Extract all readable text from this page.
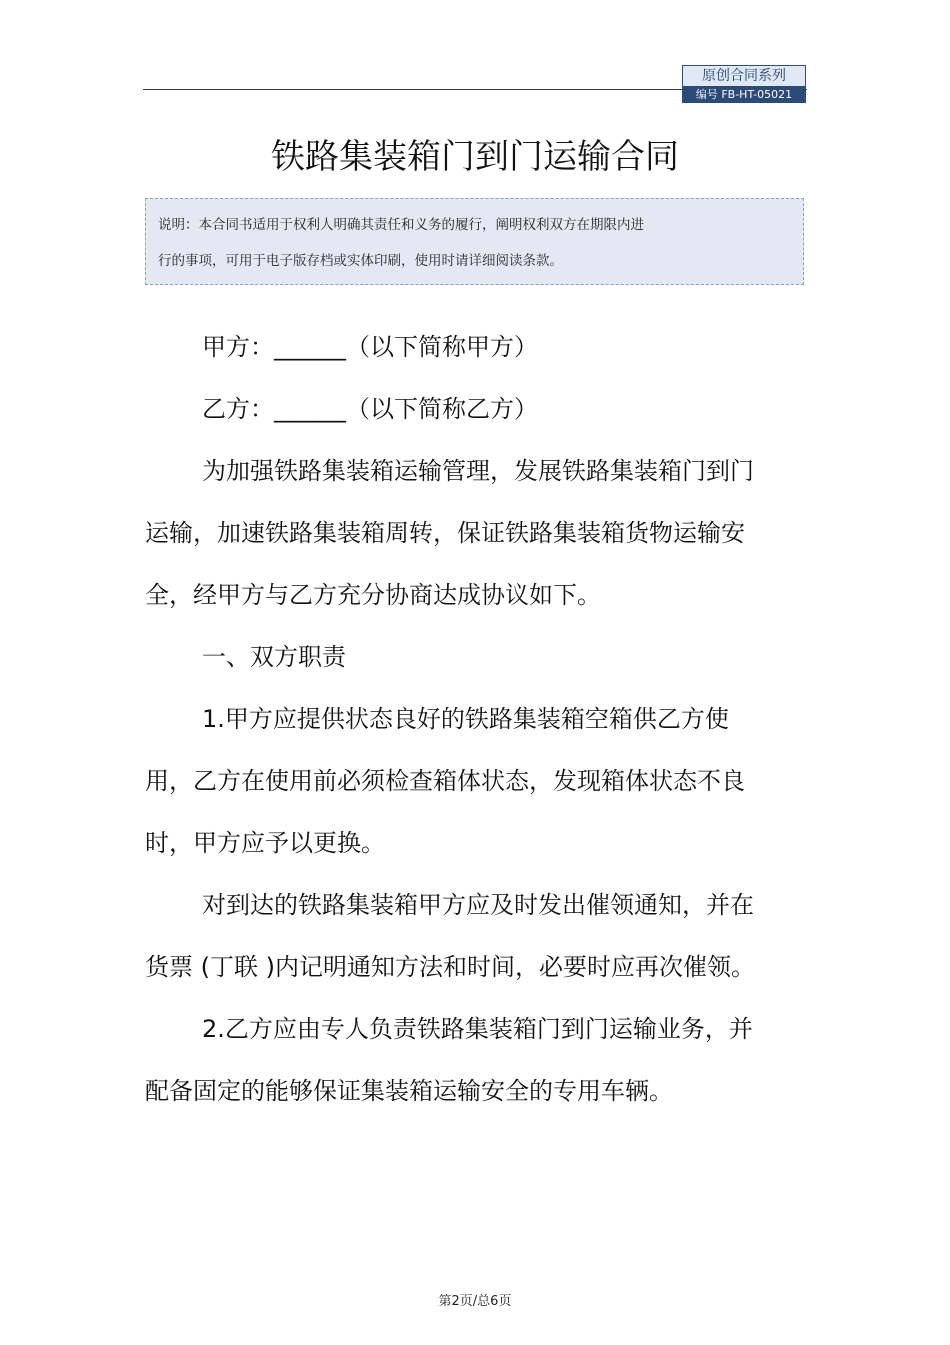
原创合同系列
编号 FB-HT-05021
铁路集装箱门到门运输合同
说明：本合同书适用于权利人明确其责任和义务的履行，阐明权利双方在期限内进
行的事项，可用于电子版存档或实体印刷，使用时请详细阅读条款。

甲方：______（以下简称甲方）

乙方：______（以下简称乙方）

为加强铁路集装箱运输管理，发展铁路集装箱门到门运输，加速铁路集装箱周转，保证铁路集装箱货物运输安全，经甲方与乙方充分协商达成协议如下。

一、双方职责

1.甲方应提供状态良好的铁路集装箱空箱供乙方使用，乙方在使用前必须检查箱体状态，发现箱体状态不良时，甲方应予以更换。

对到达的铁路集装箱甲方应及时发出催领通知，并在货票 (丁联 )内记明通知方法和时间，必要时应再次催领。

2.乙方应由专人负责铁路集装箱门到门运输业务，并配备固定的能够保证集装箱运输安全的专用车辆。

第2页/总6页
